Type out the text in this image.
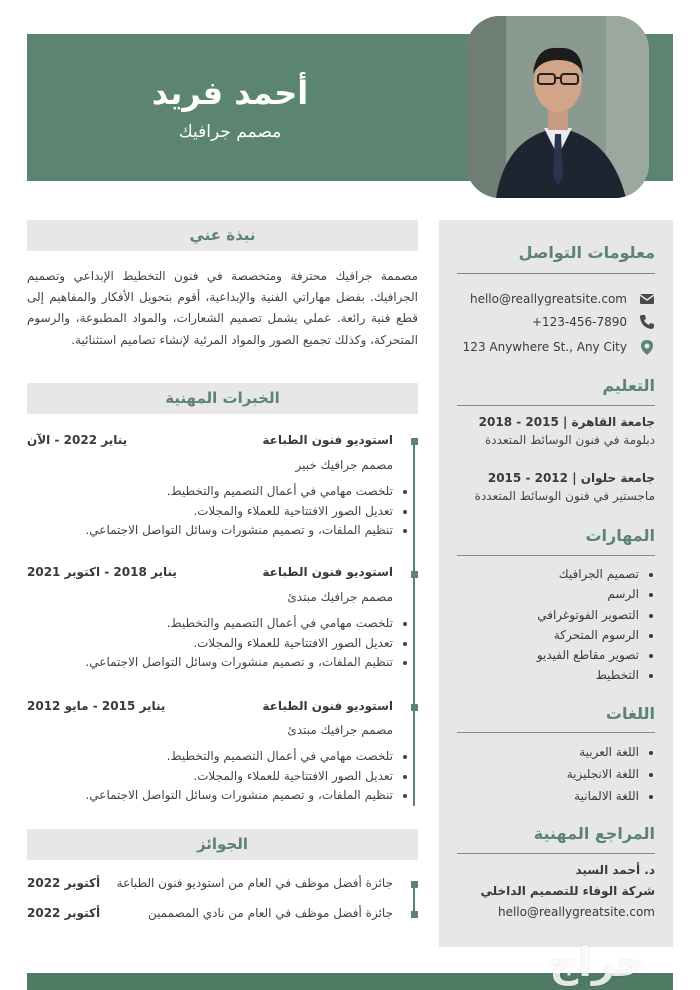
أحمد فريد
مصمم جرافيك
معلومات التواصل
hello@reallygreatsite.com
+123-456-7890
123 Anywhere St., Any City
التعليم
جامعة القاهرة | 2015 - 2018
دبلومة في فنون الوسائط المتعددة
جامعة حلوان | 2012 - 2015
ماجستير في فنون الوسائط المتعددة
المهارات
• تصميم الجرافيك
• الرسم
• التصوير الفوتوغرافي
• الرسوم المتحركة
• تصوير مقاطع الفيديو
• التخطيط
اللغات
• اللغة العربية
• اللغة الانجليزية
• اللغة الالمانية
المراجع المهنية
د. أحمد السيد
شركة الوفاء للتصميم الداخلي
hello@reallygreatsite.com
نبذة عني
مصممة جرافيك محترفة ومتخصصة في فنون التخطيط الإبداعي وتصميم الجرافيك. بفضل مهاراتي الفنية والإبداعية، أقوم بتحويل الأفكار والمفاهيم إلى قطع فنية رائعة. عملي يشمل تصميم الشعارات، والمواد المطبوعة، والرسوم المتحركة، وكذلك تجميع الصور والمواد المرئية لإنشاء تصاميم استثنائية.
الخبرات المهنية
استوديو فنون الطباعة
يناير 2022 - الآن
مصمم جرافيك خبير
• تلخصت مهامي في أعمال التصميم والتخطيط.
• تعديل الصور الافتتاحية للعملاء والمجلات.
• تنظيم الملفات، و تصميم منشورات وسائل التواصل الاجتماعي.
استوديو فنون الطباعة
يناير 2018 - اكتوبر 2021
مصمم جرافيك مبتدئ
• تلخصت مهامي في أعمال التصميم والتخطيط.
• تعديل الصور الافتتاحية للعملاء والمجلات.
• تنظيم الملفات، و تصميم منشورات وسائل التواصل الاجتماعي.
استوديو فنون الطباعة
يناير 2015 - مايو 2012
مصمم جرافيك مبتدئ
• تلخصت مهامي في أعمال التصميم والتخطيط.
• تعديل الصور الافتتاحية للعملاء والمجلات.
• تنظيم الملفات، و تصميم منشورات وسائل التواصل الاجتماعي.
الجوائز
جائزة أفضل موظف في العام من استوديو فنون الطباعة
أكتوبر 2022
جائزة أفضل موظف في العام من نادي المصممين
أكتوبر 2022
حراج
